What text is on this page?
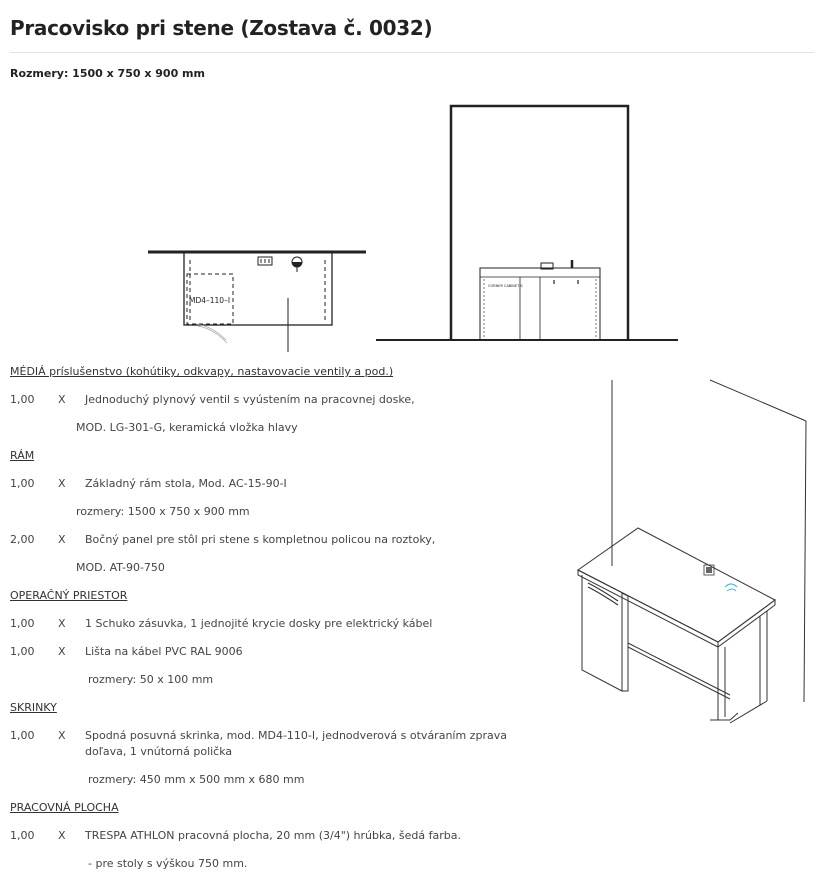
Pracovisko pri stene (Zostava č. 0032)
Rozmery: 1500 x 750 x 900 mm
MD4–110–I
CORNER CABINET S
MÉDIÁ príslušenstvo (kohútiky, odkvapy, nastavovacie ventily a pod.)
1,00 X Jednoduchý plynový ventil s vyústením na pracovnej doske,
MOD. LG-301-G, keramická vložka hlavy
RÁM
1,00 X Základný rám stola, Mod. AC-15-90-I
rozmery: 1500 x 750 x 900 mm
2,00 X Bočný panel pre stôl pri stene s kompletnou policou na roztoky,
MOD. AT-90-750
OPERAČNÝ PRIESTOR
1,00 X 1 Schuko zásuvka, 1 jednojité krycie dosky pre elektrický kábel
1,00 X Lišta na kábel PVC RAL 9006
rozmery: 50 x 100 mm
SKRINKY
1,00 X Spodná posuvná skrinka, mod. MD4-110-I, jednodverová s otváraním zprava doľava, 1 vnútorná polička
rozmery: 450 mm x 500 mm x 680 mm
PRACOVNÁ PLOCHA
1,00 X TRESPA ATHLON pracovná plocha, 20 mm (3/4") hrúbka, šedá farba.
- pre stoly s výškou 750 mm.
